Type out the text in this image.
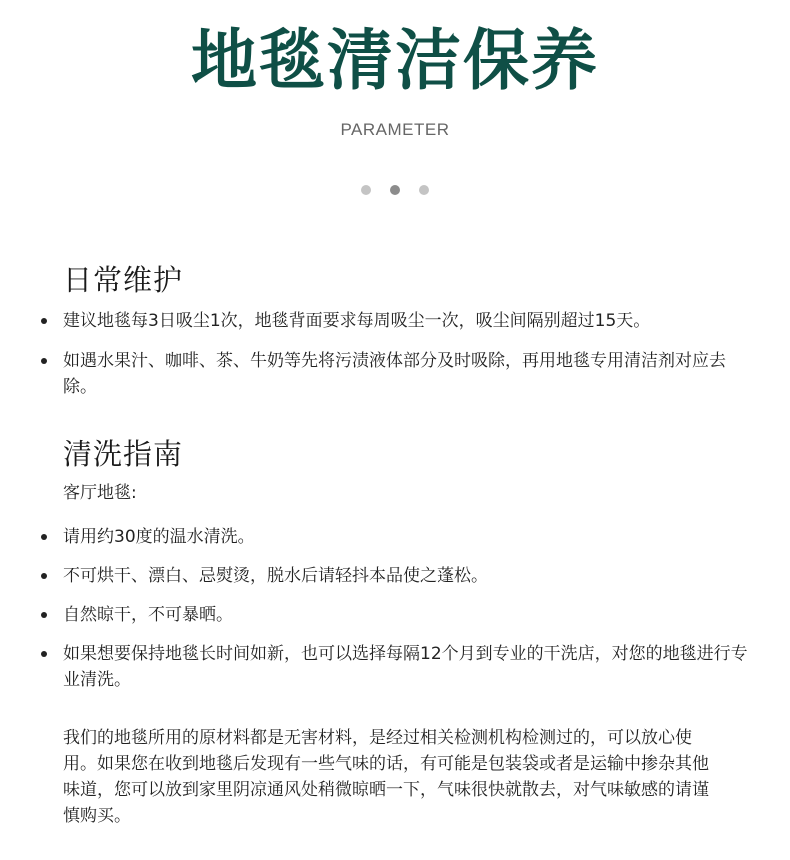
地毯清洁保养
PARAMETER
日常维护
建议地毯每3日吸尘1次，地毯背面要求每周吸尘一次，吸尘间隔别超过15天。
如遇水果汁、咖啡、茶、牛奶等先将污渍液体部分及时吸除，再用地毯专用清洁剂对应去除。
清洗指南
客厅地毯:
请用约30度的温水清洗。
不可烘干、漂白、忌熨烫，脱水后请轻抖本品使之蓬松。
自然晾干，不可暴晒。
如果想要保持地毯长时间如新，也可以选择每隔12个月到专业的干洗店，对您的地毯进行专业清洗。
我们的地毯所用的原材料都是无害材料，是经过相关检测机构检测过的，可以放心使用。如果您在收到地毯后发现有一些气味的话，有可能是包装袋或者是运输中掺杂其他味道，您可以放到家里阴凉通风处稍微晾晒一下，气味很快就散去，对气味敏感的请谨慎购买。
